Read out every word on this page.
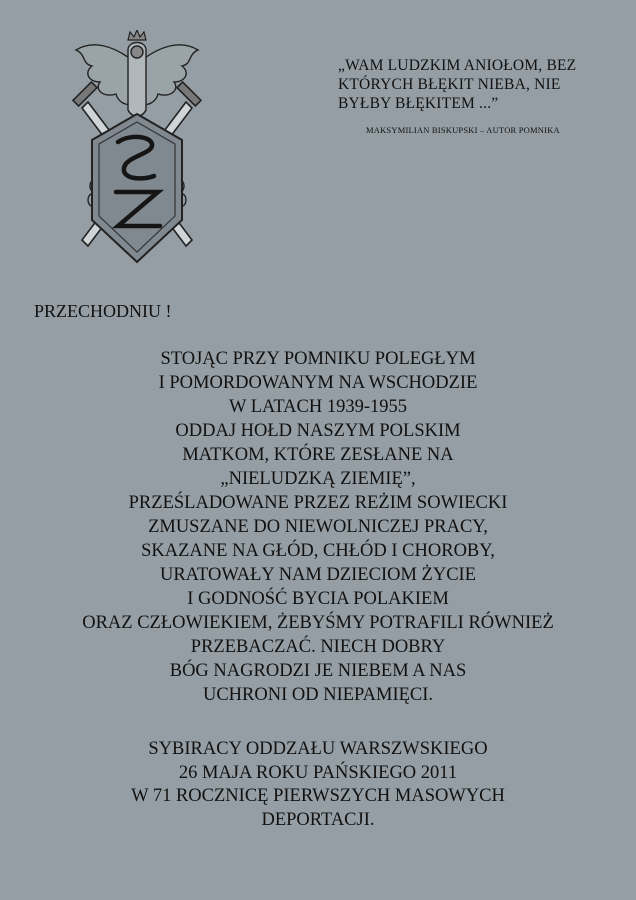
„WAM LUDZKIM ANIOŁOM, BEZ
KTÓRYCH BŁĘKIT NIEBA, NIE
BYŁBY BŁĘKITEM ...”
MAKSYMILIAN BISKUPSKI – AUTOR POMNIKA
PRZECHODNIU !
STOJĄC PRZY POMNIKU POLEGŁYM
I POMORDOWANYM NA WSCHODZIE
W LATACH 1939-1955
ODDAJ HOŁD NASZYM POLSKIM
MATKOM, KTÓRE ZESŁANE NA
„NIELUDZKĄ ZIEMIĘ”,
PRZEŚLADOWANE PRZEZ REŻIM SOWIECKI
ZMUSZANE DO NIEWOLNICZEJ PRACY,
SKAZANE NA GŁÓD, CHŁÓD I CHOROBY,
URATOWAŁY NAM DZIECIOM ŻYCIE
I GODNOŚĆ BYCIA POLAKIEM
ORAZ CZŁOWIEKIEM, ŻEBYŚMY POTRAFILI RÓWNIEŻ
PRZEBACZAĆ. NIECH DOBRY
BÓG NAGRODZI JE NIEBEM A NAS
UCHRONI OD NIEPAMIĘCI.
SYBIRACY ODDZAŁU WARSZWSKIEGO
26 MAJA ROKU PAŃSKIEGO 2011
W 71 ROCZNICĘ PIERWSZYCH MASOWYCH
DEPORTACJI.
